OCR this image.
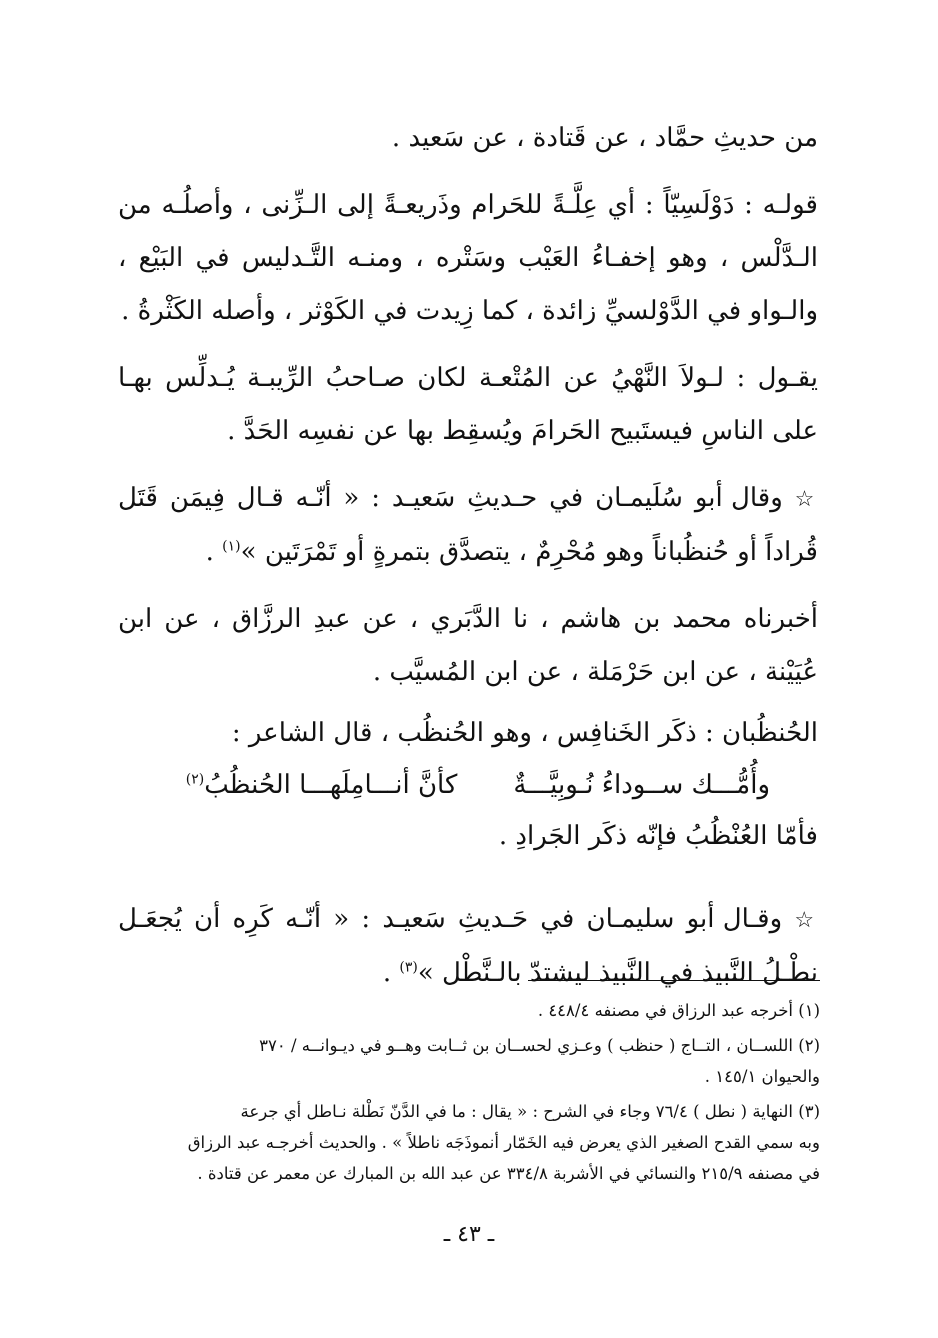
من حديثِ حمَّاد ، عن قَتادة ، عن سَعيد .

قولـه : دَوْلَسِيّاً : أي عِلَّـةً للحَرام وذَريعـةً إلى الـزِّنى ، وأصلُـه من الـدَّلْس ، وهو إخفـاءُ العَيْب وسَتْره ، ومنـه التَّـدليس في البَيْع ، والـواو في الدَّوْلسيِّ زائدة ، كما زِيدت في الكَوْثر ، وأصله الكَثْرةُ .

يقـول : لـولاَ النَّهْيُ عن المُتْعـة لكان صـاحبُ الرِّيبـة يُـدلِّس بهـا على الناسِ فيستَبيح الحَرامَ ويُسقِط بها عن نفسِه الحَدَّ .

☆ وقال أبو سُلَيمـان في حـديثِ سَعيـد : « أنّـه قـال فِيمَن قَتَل قُراداً أو حُنظُباناً وهو مُحْرِمٌ ، يتصدَّق بتمرةٍ أو تَمْرَتَين »$^{(١)}$ .

أخبرناه محمد بن هاشم ، نا الدَّبَري ، عن عبدِ الرزَّاق ، عن ابن عُيَيْنة ، عن ابن حَرْمَلة ، عن ابن المُسيَّب .

الحُنظُبان : ذكَر الخَنافِس ، وهو الحُنظُب ، قال الشاعر :

وأُمُّـــك ســوداءُ نُـوبِيَّـــةٌ
كأنَّ أنـــامِلَهـــا الحُنظُبُ$^{(٢)}$

فأمّا العُنْظُبُ فإنّه ذكَر الجَرادِ .

☆ وقـال أبو سليمـان في حَـديثِ سَعيـد : « أنّـه كَرِه أن يُجعَـل نطْـلُ النَّبيذ في النَّبيذ ليشتدّ بالـنَّطْل »$^{(٣)}$ .

(١) أخرجه عبد الرزاق في مصنفه ٤٤٨/٤ .

(٢) اللســان ، التــاج ( حنظب ) وعـزي لحســان بن ثــابت وهــو في ديـوانــه / ٣٧٠

والحيوان ١٤٥/١ .

(٣) النهاية ( نطل ) ٧٦/٤ وجاء في الشرح : « يقال : ما في الدَّنّ نَطْلة نـاطل أي جرعة

وبه سمي القدح الصغير الذي يعرض فيه الخَمّار أنموذَجَه ناطلاً » . والحديث أخرجـه عبد الرزاق

في مصنفه ٢١٥/٩ والنسائي في الأشربة ٣٣٤/٨ عن عبد الله بن المبارك عن معمر عن قتادة .

ـ ٤٣ ـ
